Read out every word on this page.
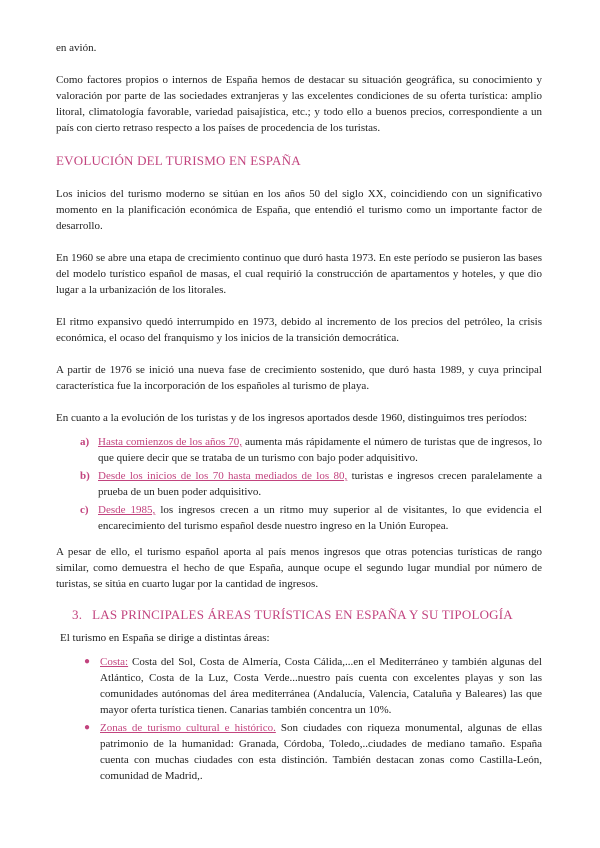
en avión.

Como factores propios o internos de España hemos de destacar su situación geográfica, su conocimiento y valoración por parte de las sociedades extranjeras y las excelentes condiciones de su oferta turística: amplio litoral, climatología favorable, variedad paisajística, etc.; y todo ello a buenos precios, correspondiente a un país con cierto retraso respecto a los países de procedencia de los turistas.

EVOLUCIÓN DEL TURISMO EN ESPAÑA

Los inicios del turismo moderno se sitúan en los años 50 del siglo XX, coincidiendo con un significativo momento en la planificación económica de España, que entendió el turismo como un importante factor de desarrollo.

En 1960 se abre una etapa de crecimiento continuo que duró hasta 1973. En este período se pusieron las bases del modelo turístico español de masas, el cual requirió la construcción de apartamentos y hoteles, y que dio lugar a la urbanización de los litorales.

El ritmo expansivo quedó interrumpido en 1973, debido al incremento de los precios del petróleo, la crisis económica, el ocaso del franquismo y los inicios de la transición democrática.

A partir de 1976 se inició una nueva fase de crecimiento sostenido, que duró hasta 1989, y cuya principal característica fue la incorporación de los españoles al turismo de playa.

En cuanto a la evolución de los turistas y de los ingresos aportados desde 1960, distinguimos tres períodos:

a) Hasta comienzos de los años 70, aumenta más rápidamente el número de turistas que de ingresos, lo que quiere decir que se trataba de un turismo con bajo poder adquisitivo.
b) Desde los inicios de los 70 hasta mediados de los 80, turistas e ingresos crecen paralelamente a prueba de un buen poder adquisitivo.
c) Desde 1985, los ingresos crecen a un ritmo muy superior al de visitantes, lo que evidencia el encarecimiento del turismo español desde nuestro ingreso en la Unión Europea.

A pesar de ello, el turismo español aporta al país menos ingresos que otras potencias turísticas de rango similar, como demuestra el hecho de que España, aunque ocupe el segundo lugar mundial por número de turistas, se sitúa en cuarto lugar por la cantidad de ingresos.

3. LAS PRINCIPALES ÁREAS TURÍSTICAS EN ESPAÑA Y SU TIPOLOGÍA

El turismo en España se dirige a distintas áreas:

● Costa: Costa del Sol, Costa de Almería, Costa Cálida,...en el Mediterráneo y también algunas del Atlántico, Costa de la Luz, Costa Verde...nuestro país cuenta con excelentes playas y son las comunidades autónomas del área mediterránea (Andalucía, Valencia, Cataluña y Baleares) las que mayor oferta turística tienen. Canarias también concentra un 10%.
● Zonas de turismo cultural e histórico. Son ciudades con riqueza monumental, algunas de ellas patrimonio de la humanidad: Granada, Córdoba, Toledo,..ciudades de mediano tamaño. España cuenta con muchas ciudades con esta distinción. También destacan zonas como Castilla-León, comunidad de Madrid,.
